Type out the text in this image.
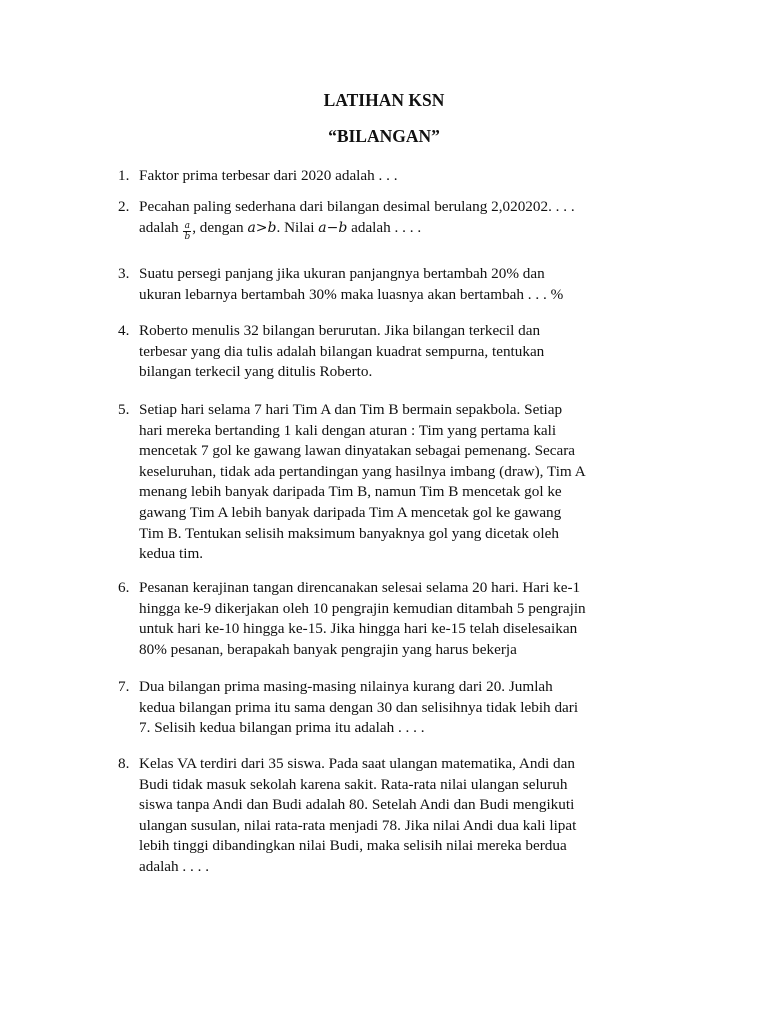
LATIHAN KSN
“BILANGAN”
1. Faktor prima terbesar dari 2020 adalah . . .
2. Pecahan paling sederhana dari bilangan desimal berulang 2,020202. . . .
adalah $\frac{a}{b}$ , dengan a>b. Nilai a−b adalah . . . .
3. Suatu persegi panjang jika ukuran panjangnya bertambah 20% dan
ukuran lebarnya bertambah 30% maka luasnya akan bertambah . . . %
4. Roberto menulis 32 bilangan berurutan. Jika bilangan terkecil dan
terbesar yang dia tulis adalah bilangan kuadrat sempurna, tentukan
bilangan terkecil yang ditulis Roberto.
5. Setiap hari selama 7 hari Tim A dan Tim B bermain sepakbola. Setiap
hari mereka bertanding 1 kali dengan aturan : Tim yang pertama kali
mencetak 7 gol ke gawang lawan dinyatakan sebagai pemenang. Secara
keseluruhan, tidak ada pertandingan yang hasilnya imbang (draw), Tim A
menang lebih banyak daripada Tim B, namun Tim B mencetak gol ke
gawang Tim A lebih banyak daripada Tim A mencetak gol ke gawang
Tim B. Tentukan selisih maksimum banyaknya gol yang dicetak oleh
kedua tim.
6. Pesanan kerajinan tangan direncanakan selesai selama 20 hari. Hari ke-1
hingga ke-9 dikerjakan oleh 10 pengrajin kemudian ditambah 5 pengrajin
untuk hari ke-10 hingga ke-15. Jika hingga hari ke-15 telah diselesaikan
80% pesanan, berapakah banyak pengrajin yang harus bekerja
7. Dua bilangan prima masing-masing nilainya kurang dari 20. Jumlah
kedua bilangan prima itu sama dengan 30 dan selisihnya tidak lebih dari
7. Selisih kedua bilangan prima itu adalah . . . .
8. Kelas VA terdiri dari 35 siswa. Pada saat ulangan matematika, Andi dan
Budi tidak masuk sekolah karena sakit. Rata-rata nilai ulangan seluruh
siswa tanpa Andi dan Budi adalah 80. Setelah Andi dan Budi mengikuti
ulangan susulan, nilai rata-rata menjadi 78. Jika nilai Andi dua kali lipat
lebih tinggi dibandingkan nilai Budi, maka selisih nilai mereka berdua
adalah . . . .
